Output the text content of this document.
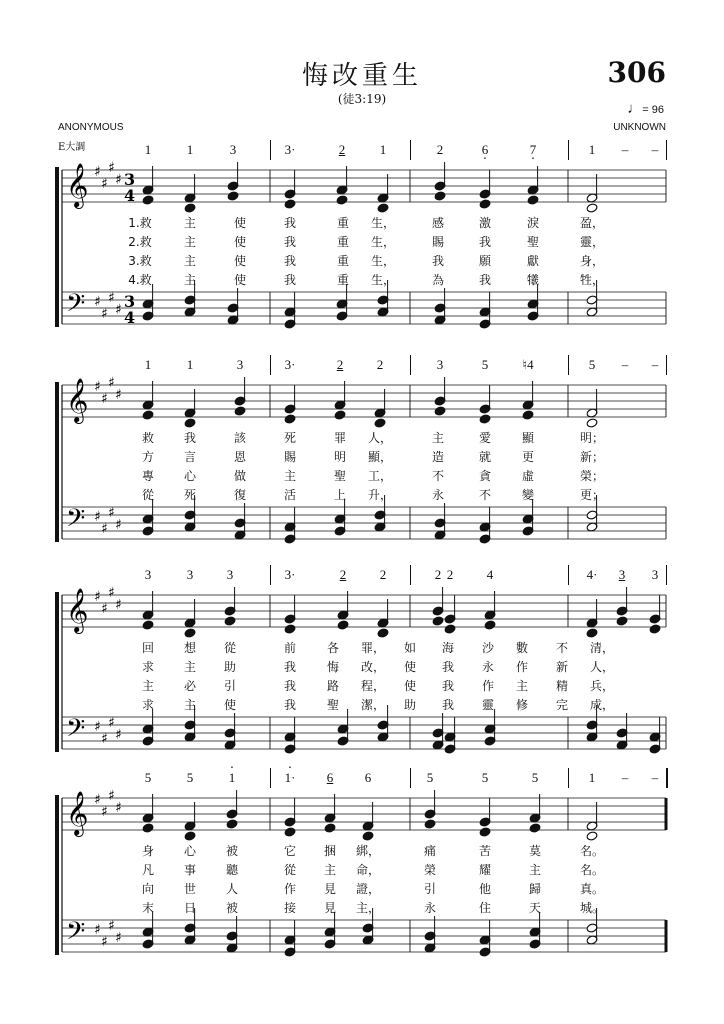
悔改重生
(徒3:19)
306
♩= 96
ANONYMOUS	UNKNOWN
E大調	1	1	3	3·	2	1	2	6 ·	7 ·	1 – –
𝄞
𝄢
♯
♯
♯
♯
♯
♯
♯
♯
3
4
3
4
1.救	主	使	我	重 生，	感	激	淚	盈，
2.救	主	使	我	重 生，	賜	我	聖	靈，
3.救	主	使	我	重 生，	我	願	獻	身，
4.救	主	使	我	重 生，	為	我	犧	牲，
1	1	3	3·	2	2	3	5	♮4	5 – –
𝄞
𝄢
♯
♯
♯
♯
♯
♯
♯
♯
救 我	該	死	罪 人，	主	愛	顯	明；
方 言	恩	賜	明 顯，	造	就	更	新；
專 心	做	主	聖 工，	不	貪	虛	榮；
從 死	復	活	上 升，	永	不	變	更；
3	3	3	3·	2	2	2 2	4	4· 3 3
𝄞
𝄢
♯
♯
♯
♯
♯
♯
♯
♯
回 想 從	前	各 罪， 如 海 沙 數 不 清，
求 主 助	我	悔 改， 使 我 永 作 新 人，
主 必 引	我	路 程， 使 我 作 主 精 兵，
求 主 使	我	聖 潔， 助 我 靈 修 完 成，
5	5	· 1	· 1· 6 6	5	5	5	1 – –
𝄞
𝄢
♯
♯
♯
♯
♯
♯
♯
♯
身 心 被	它 捆 綁，	痛	苦	莫	名。
凡 事 聽	從 主 命，	榮	耀	主	名。
向 世 人	作 見 證，	引	他	歸	真。
末 日 被	接 見 主，	永	住	天	城。
